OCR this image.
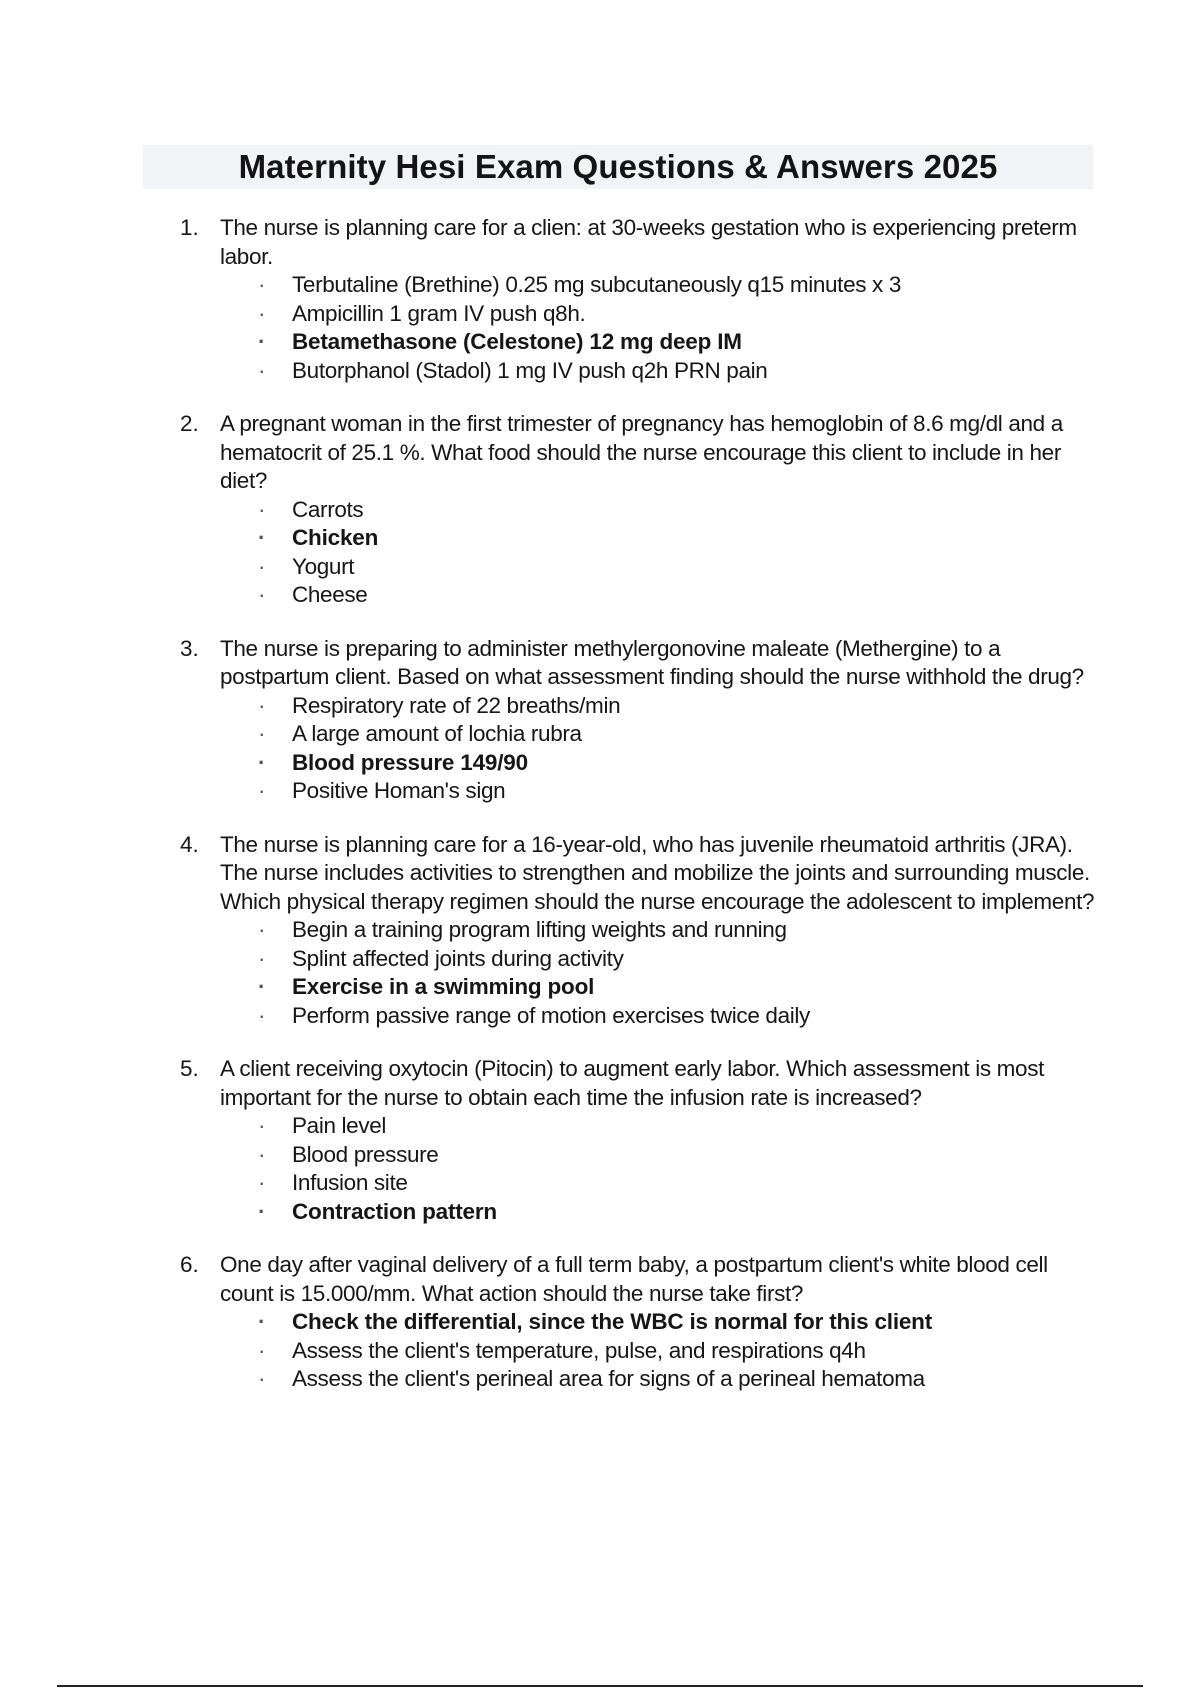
Maternity Hesi Exam Questions & Answers 2025
1. The nurse is planning care for a clien: at 30-weeks gestation who is experiencing preterm labor.

· Terbutaline (Brethine) 0.25 mg subcutaneously q15 minutes x 3
· Ampicillin 1 gram IV push q8h.
· Betamethasone (Celestone) 12 mg deep IM
· Butorphanol (Stadol) 1 mg IV push q2h PRN pain
2. A pregnant woman in the first trimester of pregnancy has hemoglobin of 8.6 mg/dl and a hematocrit of 25.1 %. What food should the nurse encourage this client to include in her diet?

· Carrots
· Chicken
· Yogurt
· Cheese
3. The nurse is preparing to administer methylergonovine maleate (Methergine) to a postpartum client. Based on what assessment finding should the nurse withhold the drug?

· Respiratory rate of 22 breaths/min
· A large amount of lochia rubra
· Blood pressure 149/90
· Positive Homan's sign
4. The nurse is planning care for a 16-year-old, who has juvenile rheumatoid arthritis (JRA). The nurse includes activities to strengthen and mobilize the joints and surrounding muscle. Which physical therapy regimen should the nurse encourage the adolescent to implement?

· Begin a training program lifting weights and running
· Splint affected joints during activity
· Exercise in a swimming pool
· Perform passive range of motion exercises twice daily
5. A client receiving oxytocin (Pitocin) to augment early labor. Which assessment is most important for the nurse to obtain each time the infusion rate is increased?

· Pain level
· Blood pressure
· Infusion site
· Contraction pattern
6. One day after vaginal delivery of a full term baby, a postpartum client's white blood cell count is 15.000/mm. What action should the nurse take first?

· Check the differential, since the WBC is normal for this client
· Assess the client's temperature, pulse, and respirations q4h
· Assess the client's perineal area for signs of a perineal hematoma
